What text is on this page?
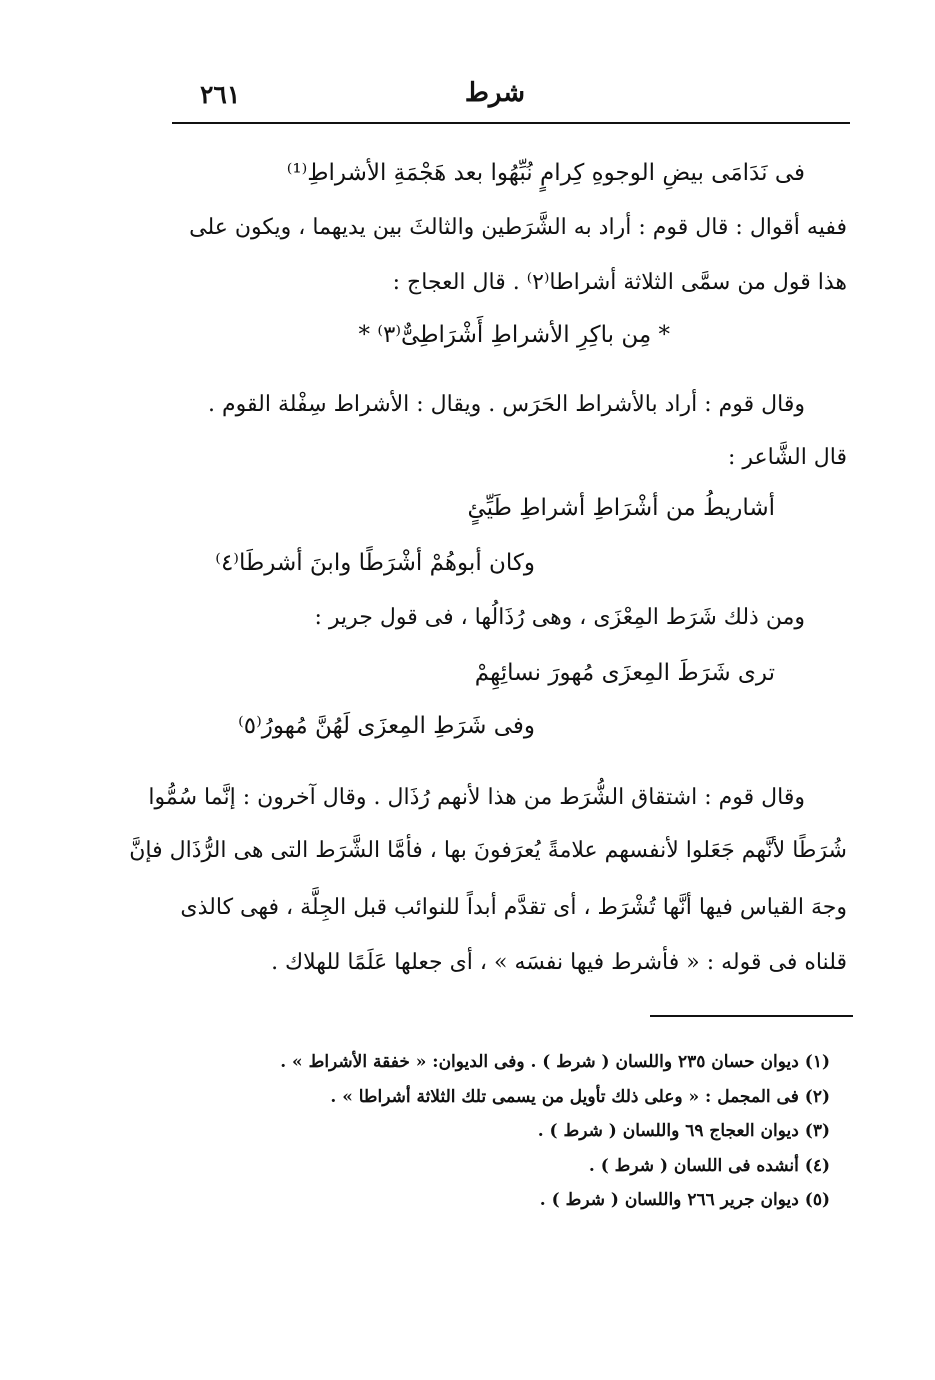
شرط
٢٦١
فى نَدَامَى بيضِ الوجوهِ كِرامٍ نُبِّهُوا بعد هَجْمَةِ الأشراطِ⁽¹⁾
ففيه أقوال : قال قوم : أراد به الشَّرَطين والثالثَ بين يديهما ، ويكون على
هذا قول من سمَّى الثلاثة أشراطا⁽٢⁾ . قال العجاج :
* مِن باكِرِ الأشراطِ أَشْرَاطِىٌّ⁽٣⁾ *
وقال قوم : أراد بالأشراط الحَرَس . ويقال : الأشراط سِفْلة القوم .
قال الشَّاعر :
أشاريطُ من أشْرَاطِ أشراطِ طَيِّئٍ
وكان أبوهُمْ أشْرَطًا وابنَ أشرطَا⁽٤⁾
ومن ذلك شَرَط المِعْزَى ، وهى رُذَالُها ، فى قول جرير :
ترى شَرَطَ المِعزَى مُهورَ نسائِهِمْ
وفى شَرَطِ المِعزَى لَهُنَّ مُهورُ⁽٥⁾
وقال قوم : اشتقاق الشُّرَط من هذا لأنهم رُذَال . وقال آخرون : إنَّما سُمُّوا
شُرَطًا لأنَّهم جَعَلوا لأنفسهم علامةً يُعرَفونَ بها ، فأمَّا الشَّرَط التى هى الرُّذَال فإنَّ
وجهَ القياس فيها أنَّها تُشْرَط ، أى تقدَّم أبداً للنوائب قبل الجِلَّة ، فهى كالذى
قلناه فى قوله : « فأشرط فيها نفسَه » ، أى جعلها عَلَمًا للهلاك .
(١) ديوان حسان ٢٣٥ واللسان ( شرط ) . وفى الديوان: « خفقة الأشراط » .
(٢) فى المجمل : « وعلى ذلك تأويل من يسمى تلك الثلاثة أشراطا » .
(٣) ديوان العجاج ٦٩ واللسان ( شرط ) .
(٤) أنشده فى اللسان ( شرط ) .
(٥) ديوان جرير ٢٦٦ واللسان ( شرط ) .
